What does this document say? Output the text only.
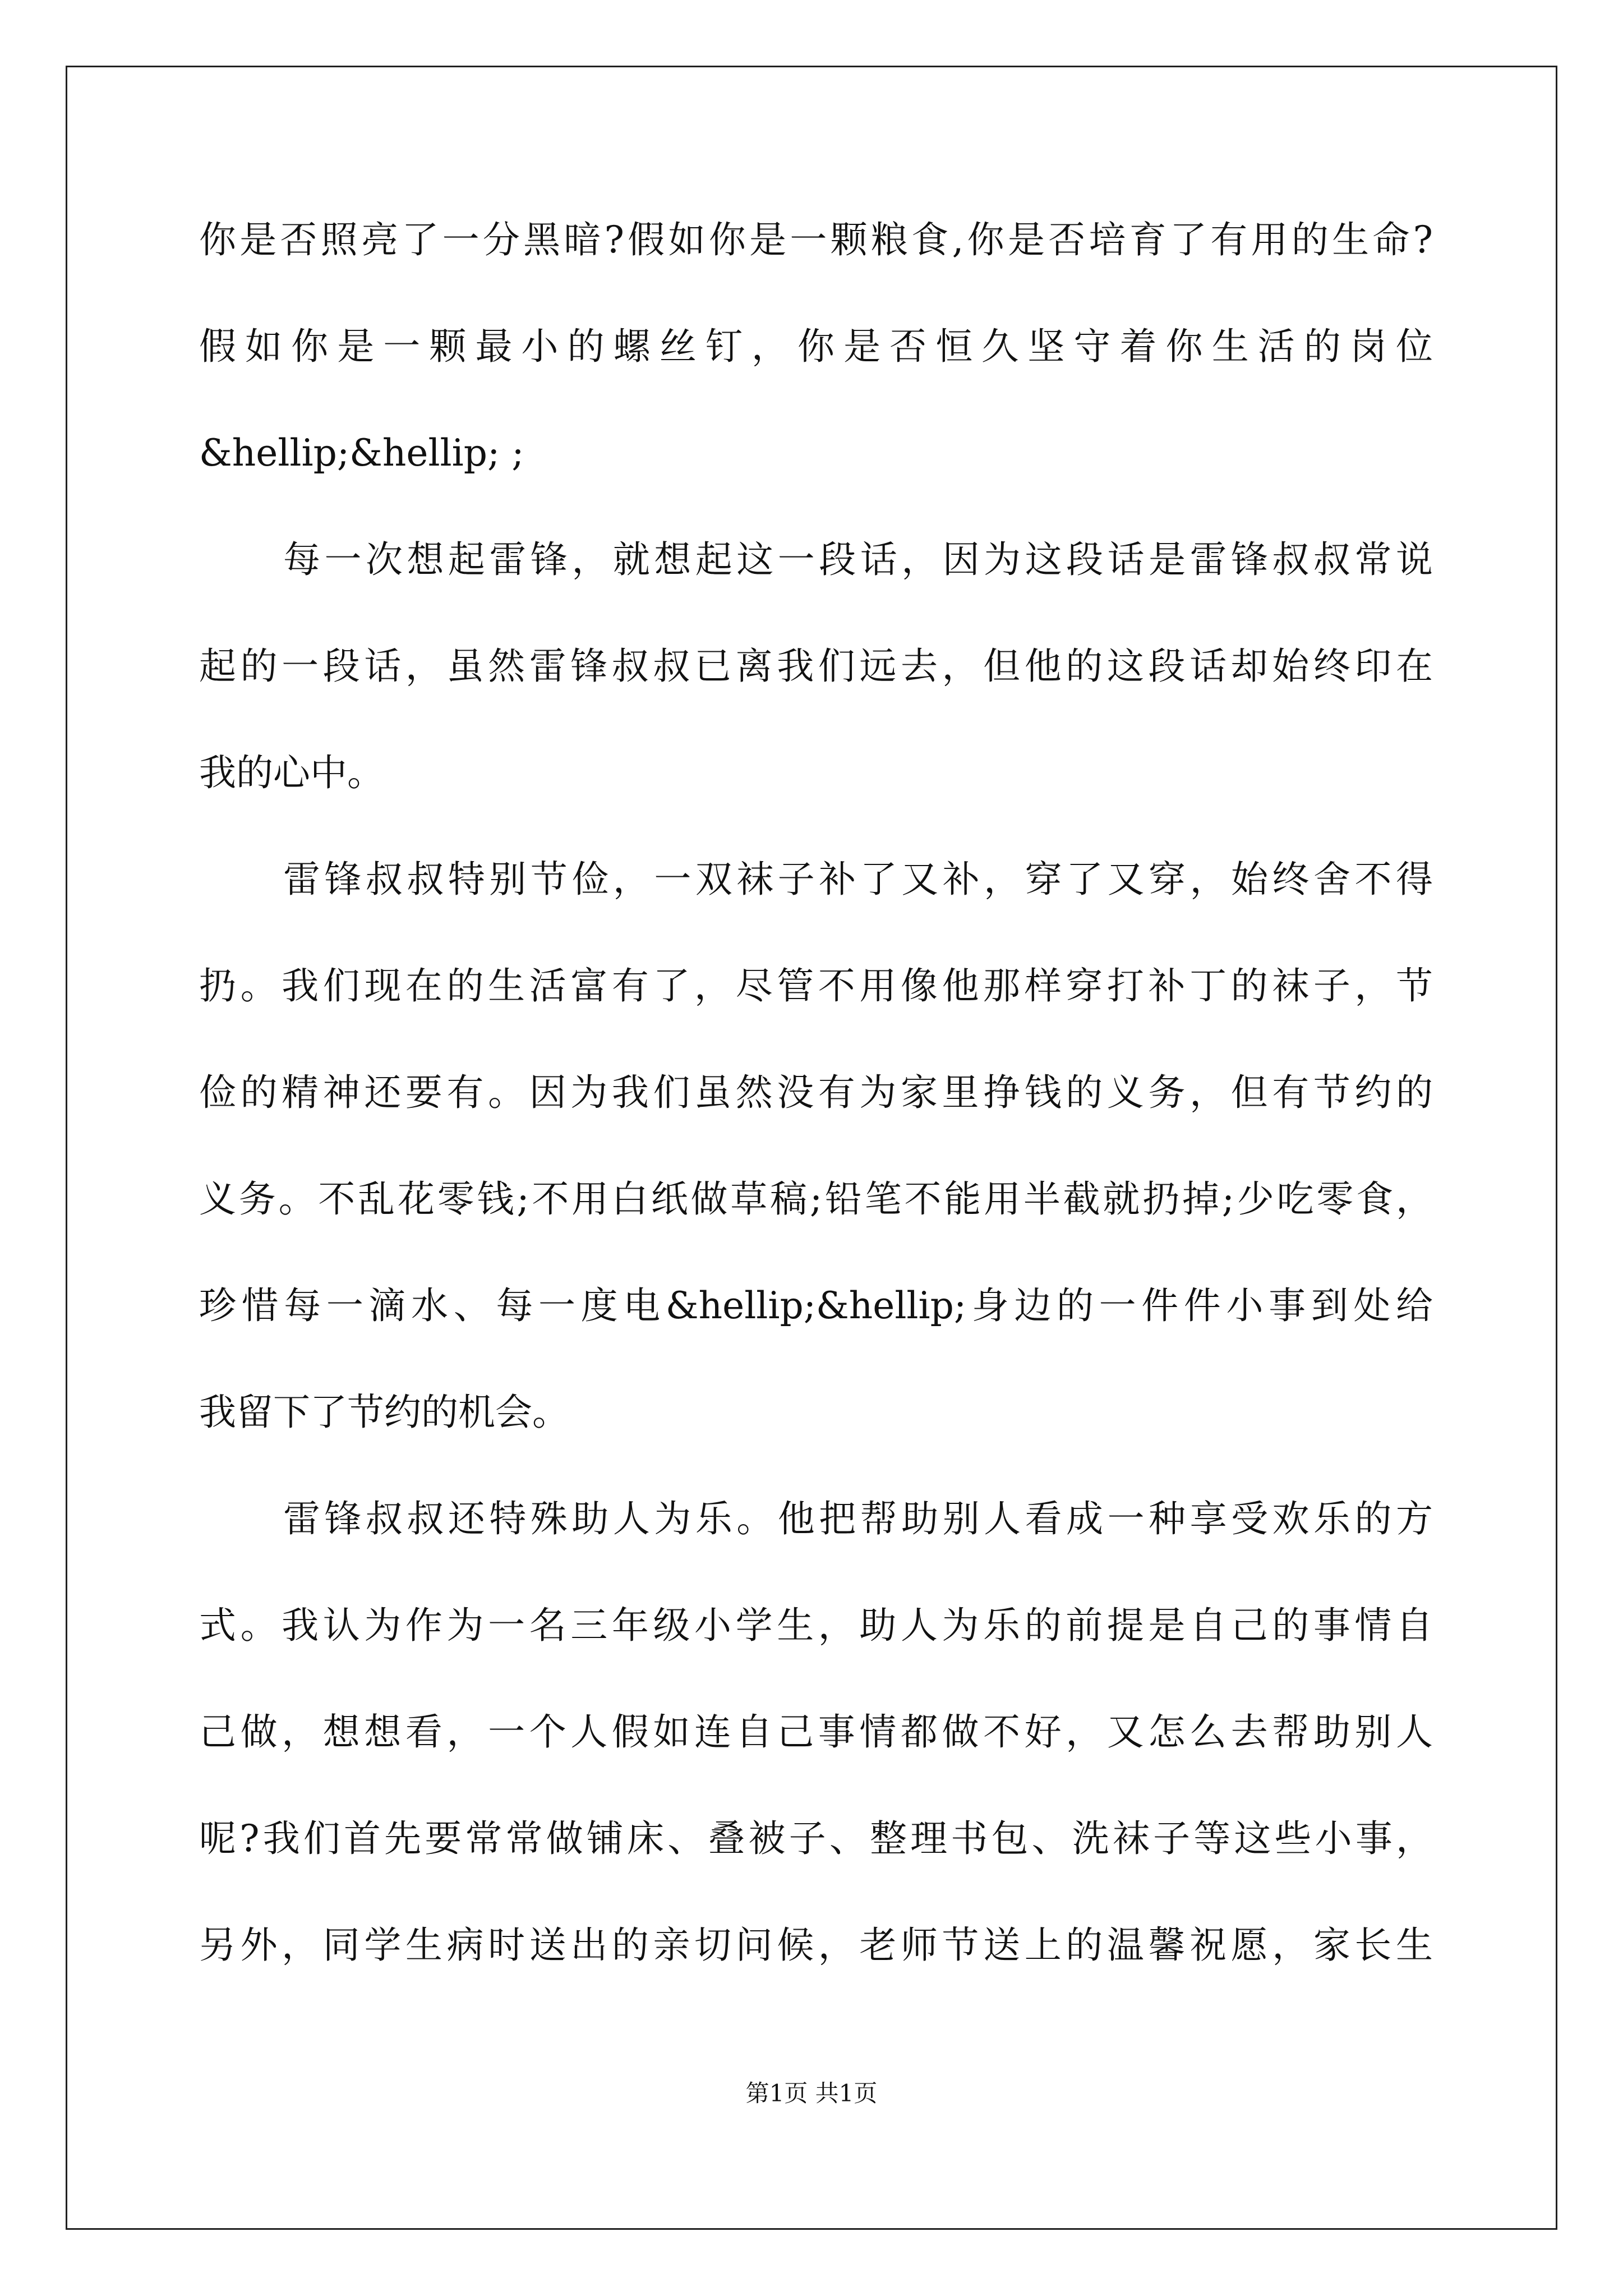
你是否照亮了一分黑暗?假如你是一颗粮食,你是否培育了有用的生命?
假如你是一颗最小的螺丝钉，你是否恒久坚守着你生活的岗位
&hellip;&hellip; ;
每一次想起雷锋，就想起这一段话，因为这段话是雷锋叔叔常说
起的一段话，虽然雷锋叔叔已离我们远去，但他的这段话却始终印在
我的心中。
雷锋叔叔特别节俭，一双袜子补了又补，穿了又穿，始终舍不得
扔。我们现在的生活富有了，尽管不用像他那样穿打补丁的袜子，节
俭的精神还要有。因为我们虽然没有为家里挣钱的义务，但有节约的
义务。不乱花零钱;不用白纸做草稿;铅笔不能用半截就扔掉;少吃零食，
珍惜每一滴水、每一度电&hellip;&hellip;身边的一件件小事到处给
我留下了节约的机会。
雷锋叔叔还特殊助人为乐。他把帮助别人看成一种享受欢乐的方
式。我认为作为一名三年级小学生，助人为乐的前提是自己的事情自
己做，想想看，一个人假如连自己事情都做不好，又怎么去帮助别人
呢?我们首先要常常做铺床、叠被子、整理书包、洗袜子等这些小事，
另外，同学生病时送出的亲切问候，老师节送上的温馨祝愿，家长生
第1页 共1页
